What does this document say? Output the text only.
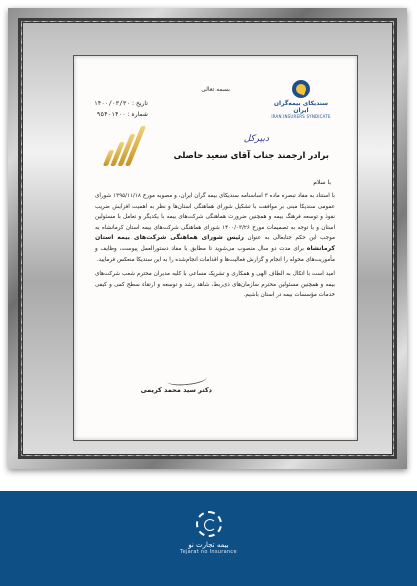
بسمه تعالی
سندیکای بیمه‌گران ایران
IRAN INSURERS SYNDICATE
تاریخ : ۱۴۰۰/۰۳/۳۰
شماره : ۱۴۰۰-۹۵۴
دبیرکل
برادر ارجمند جناب آقای سعید حاصلی
با سلام

با استناد به مفاد تبصره ماده ۳ اساسنامه سندیکای بیمه گران ایران، و مصوبه مورخ ۱۳۹۵/۱۱/۱۸ شورای عمومی سندیکا مبنی بر موافقت با تشکیل شورای هماهنگی استان‌ها و نظر به اهمیت افزایش ضریب نفوذ و توسعه فرهنگ بیمه و همچنین ضرورت هماهنگی شرکت‌های بیمه با یکدیگر و تعامل با مسئولین استان و با توجه به تصمیمات مورخ ۱۴۰۰/۰۳/۲۶ شورای هماهنگی شرکت‌های بیمه استان کرمانشاه به موجب این حکم جنابعالی به عنوان رئیس شورای هماهنگی شرکت‌های بیمه استان کرمانشاه برای مدت دو سال منصوب می‌شوید تا مطابق با مفاد دستورالعمل پیوست، وظایف و مأموریت‌های محوله را انجام و گزارش فعالیت‌ها و اقدامات انجام‌شده را به این سندیکا منعکس فرمایید.

امید است با اتکال به الطاف الهی و همکاری و تشریک مساعی با کلیه مدیران محترم شعب شرکت‌های بیمه و همچنین مسئولین محترم سازمان‌های ذی‌ربط، شاهد رشد و توسعه و ارتقاء سطح کمی و کیفی خدمات مؤسسات بیمه در استان باشیم.

دکتر سید محمد کریمی
بیمه تجارت نو
Tejarat no Insurance
